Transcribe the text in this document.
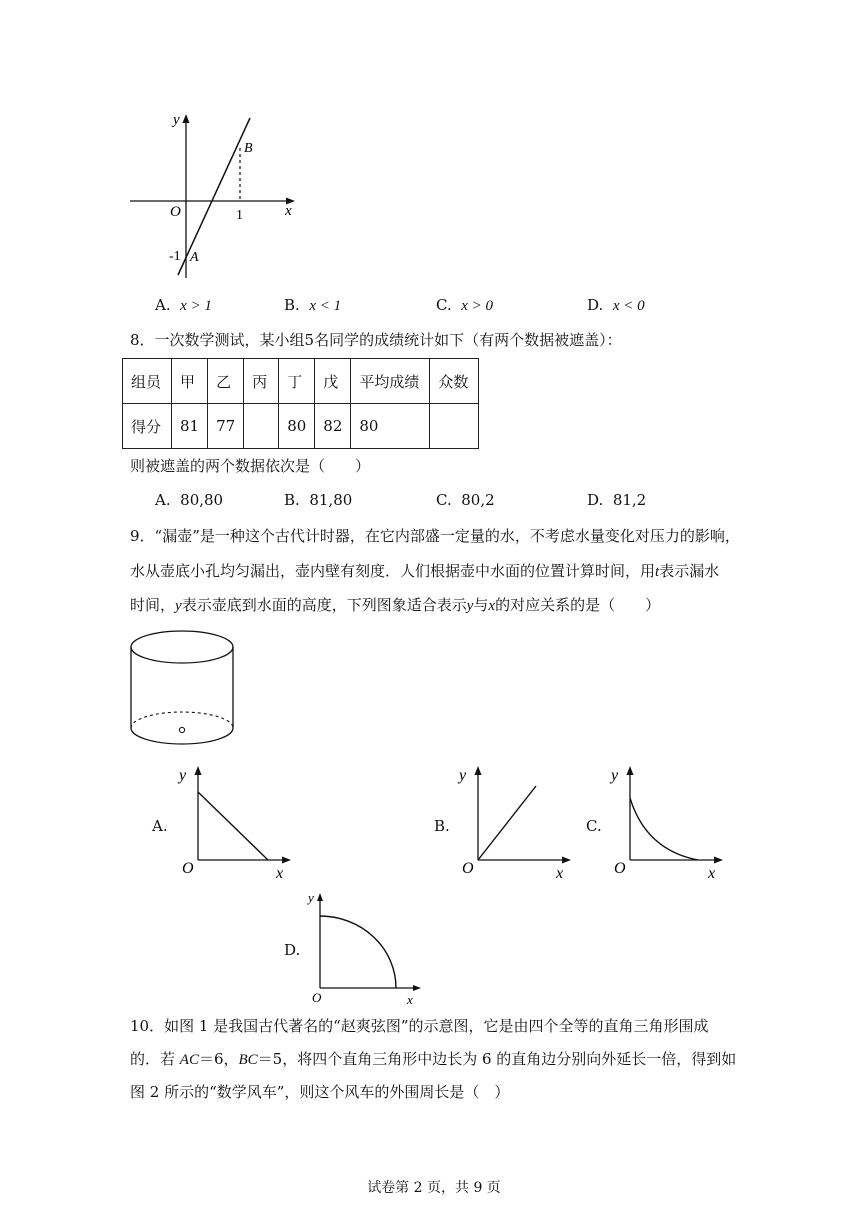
y
x
O
B
A
1
-1
A. x > 1	B. x < 1	C. x > 0	D. x < 0
8．一次数学测试，某小组5名同学的成绩统计如下（有两个数据被遮盖）：
组员	甲	乙	丙	丁	戊	平均成绩	众数
得分	81	77		80	82	80	
则被遮盖的两个数据依次是（　　）
A. 80,80	B. 81,80	C. 80,2	D. 81,2
9．“漏壶”是一种这个古代计时器，在它内部盛一定量的水，不考虑水量变化对压力的影响，
水从壶底小孔均匀漏出，壶内壁有刻度．人们根据壶中水面的位置计算时间，用t表示漏水
时间，y表示壶底到水面的高度，下列图象适合表示y与x的对应关系的是（　　）
A.
y
O	x
B.
y
O	x
C.
y
O	x
D.
y
O	x
10．如图 1 是我国古代著名的“赵爽弦图”的示意图，它是由四个全等的直角三角形围成
的．若 AC＝6，BC＝5，将四个直角三角形中边长为 6 的直角边分别向外延长一倍，得到如
图 2 所示的“数学风车”，则这个风车的外围周长是（　）
试卷第 2 页，共 9 页
